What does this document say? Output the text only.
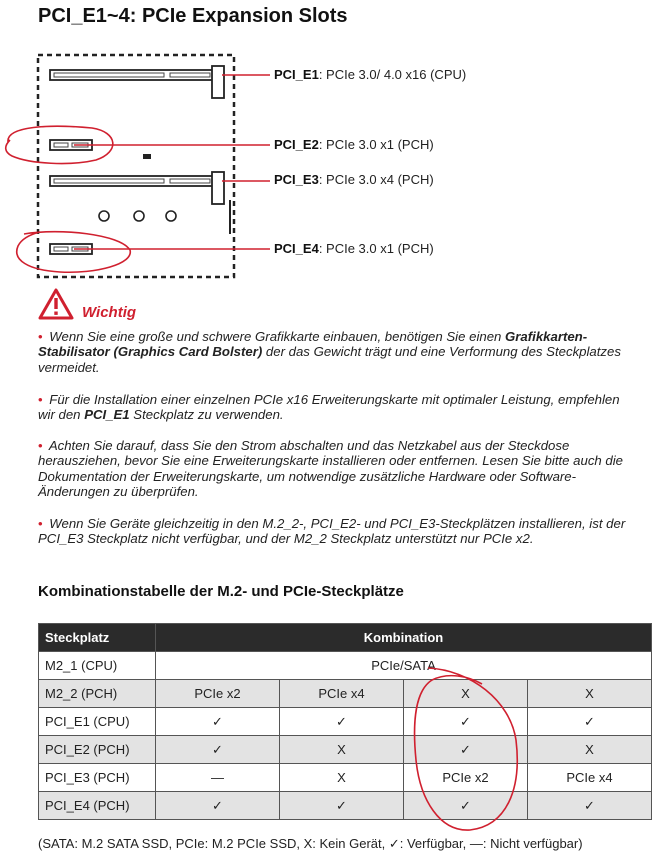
PCI_E1~4: PCIe Expansion Slots
PCI_E1: PCIe 3.0/ 4.0 x16 (CPU)
PCI_E2: PCIe 3.0 x1 (PCH)
PCI_E3: PCIe 3.0 x4 (PCH)
PCI_E4: PCIe 3.0 x1 (PCH)
Wichtig
• Wenn Sie eine große und schwere Grafikkarte einbauen, benötigen Sie einen Grafikkarten-Stabilisator (Graphics Card Bolster) der das Gewicht trägt und eine Verformung des Steckplatzes vermeidet.
• Für die Installation einer einzelnen PCIe x16 Erweiterungskarte mit optimaler Leistung, empfehlen wir den PCI_E1 Steckplatz zu verwenden.
• Achten Sie darauf, dass Sie den Strom abschalten und das Netzkabel aus der Steckdose herausziehen, bevor Sie eine Erweiterungskarte installieren oder entfernen. Lesen Sie bitte auch die Dokumentation der Erweiterungskarte, um notwendige zusätzliche Hardware oder Software-Änderungen zu überprüfen.
• Wenn Sie Geräte gleichzeitig in den M.2_2-, PCI_E2- und PCI_E3-Steckplätzen installieren, ist der PCI_E3 Steckplatz nicht verfügbar, und der M2_2 Steckplatz unterstützt nur PCIe x2.
Kombinationstabelle der M.2- und PCIe-Steckplätze
Steckplatz	Kombination			
M2_1 (CPU)	PCIe/SATA			
M2_2 (PCH)	PCIe x2	PCIe x4	X	X
PCI_E1 (CPU)	✓	✓	✓	✓
PCI_E2 (PCH)	✓	X	✓	X
PCI_E3 (PCH)	—	X	PCIe x2	PCIe x4
PCI_E4 (PCH)	✓	✓	✓	✓
(SATA: M.2 SATA SSD, PCIe: M.2 PCIe SSD, X: Kein Gerät, ✓: Verfügbar, —: Nicht verfügbar)
